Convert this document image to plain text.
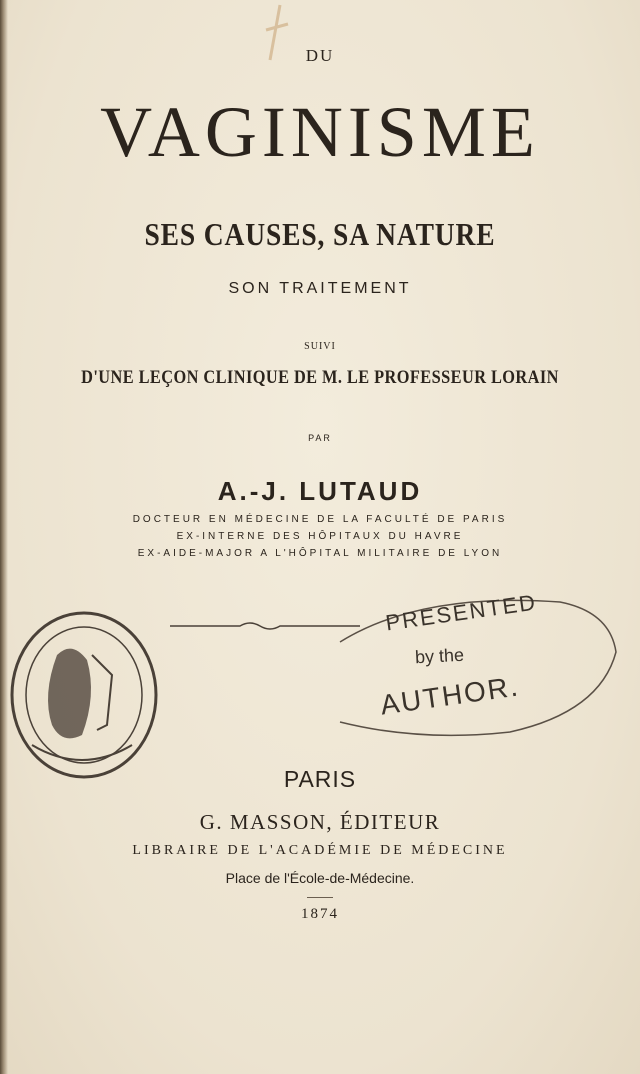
DU
VAGINISME
SES CAUSES, SA NATURE
SON TRAITEMENT
SUIVI
D'UNE LEÇON CLINIQUE DE M. LE PROFESSEUR LORAIN
PAR
A.-J. LUTAUD
DOCTEUR EN MÉDECINE DE LA FACULTÉ DE PARIS
EX-INTERNE DES HÔPITAUX DU HAVRE
EX-AIDE-MAJOR A L'HÔPITAL MILITAIRE DE LYON
PRESENTED
by the
AUTHOR.
PARIS
G. MASSON, ÉDITEUR
LIBRAIRE DE L'ACADÉMIE DE MÉDECINE
Place de l'École-de-Médecine.
1874
